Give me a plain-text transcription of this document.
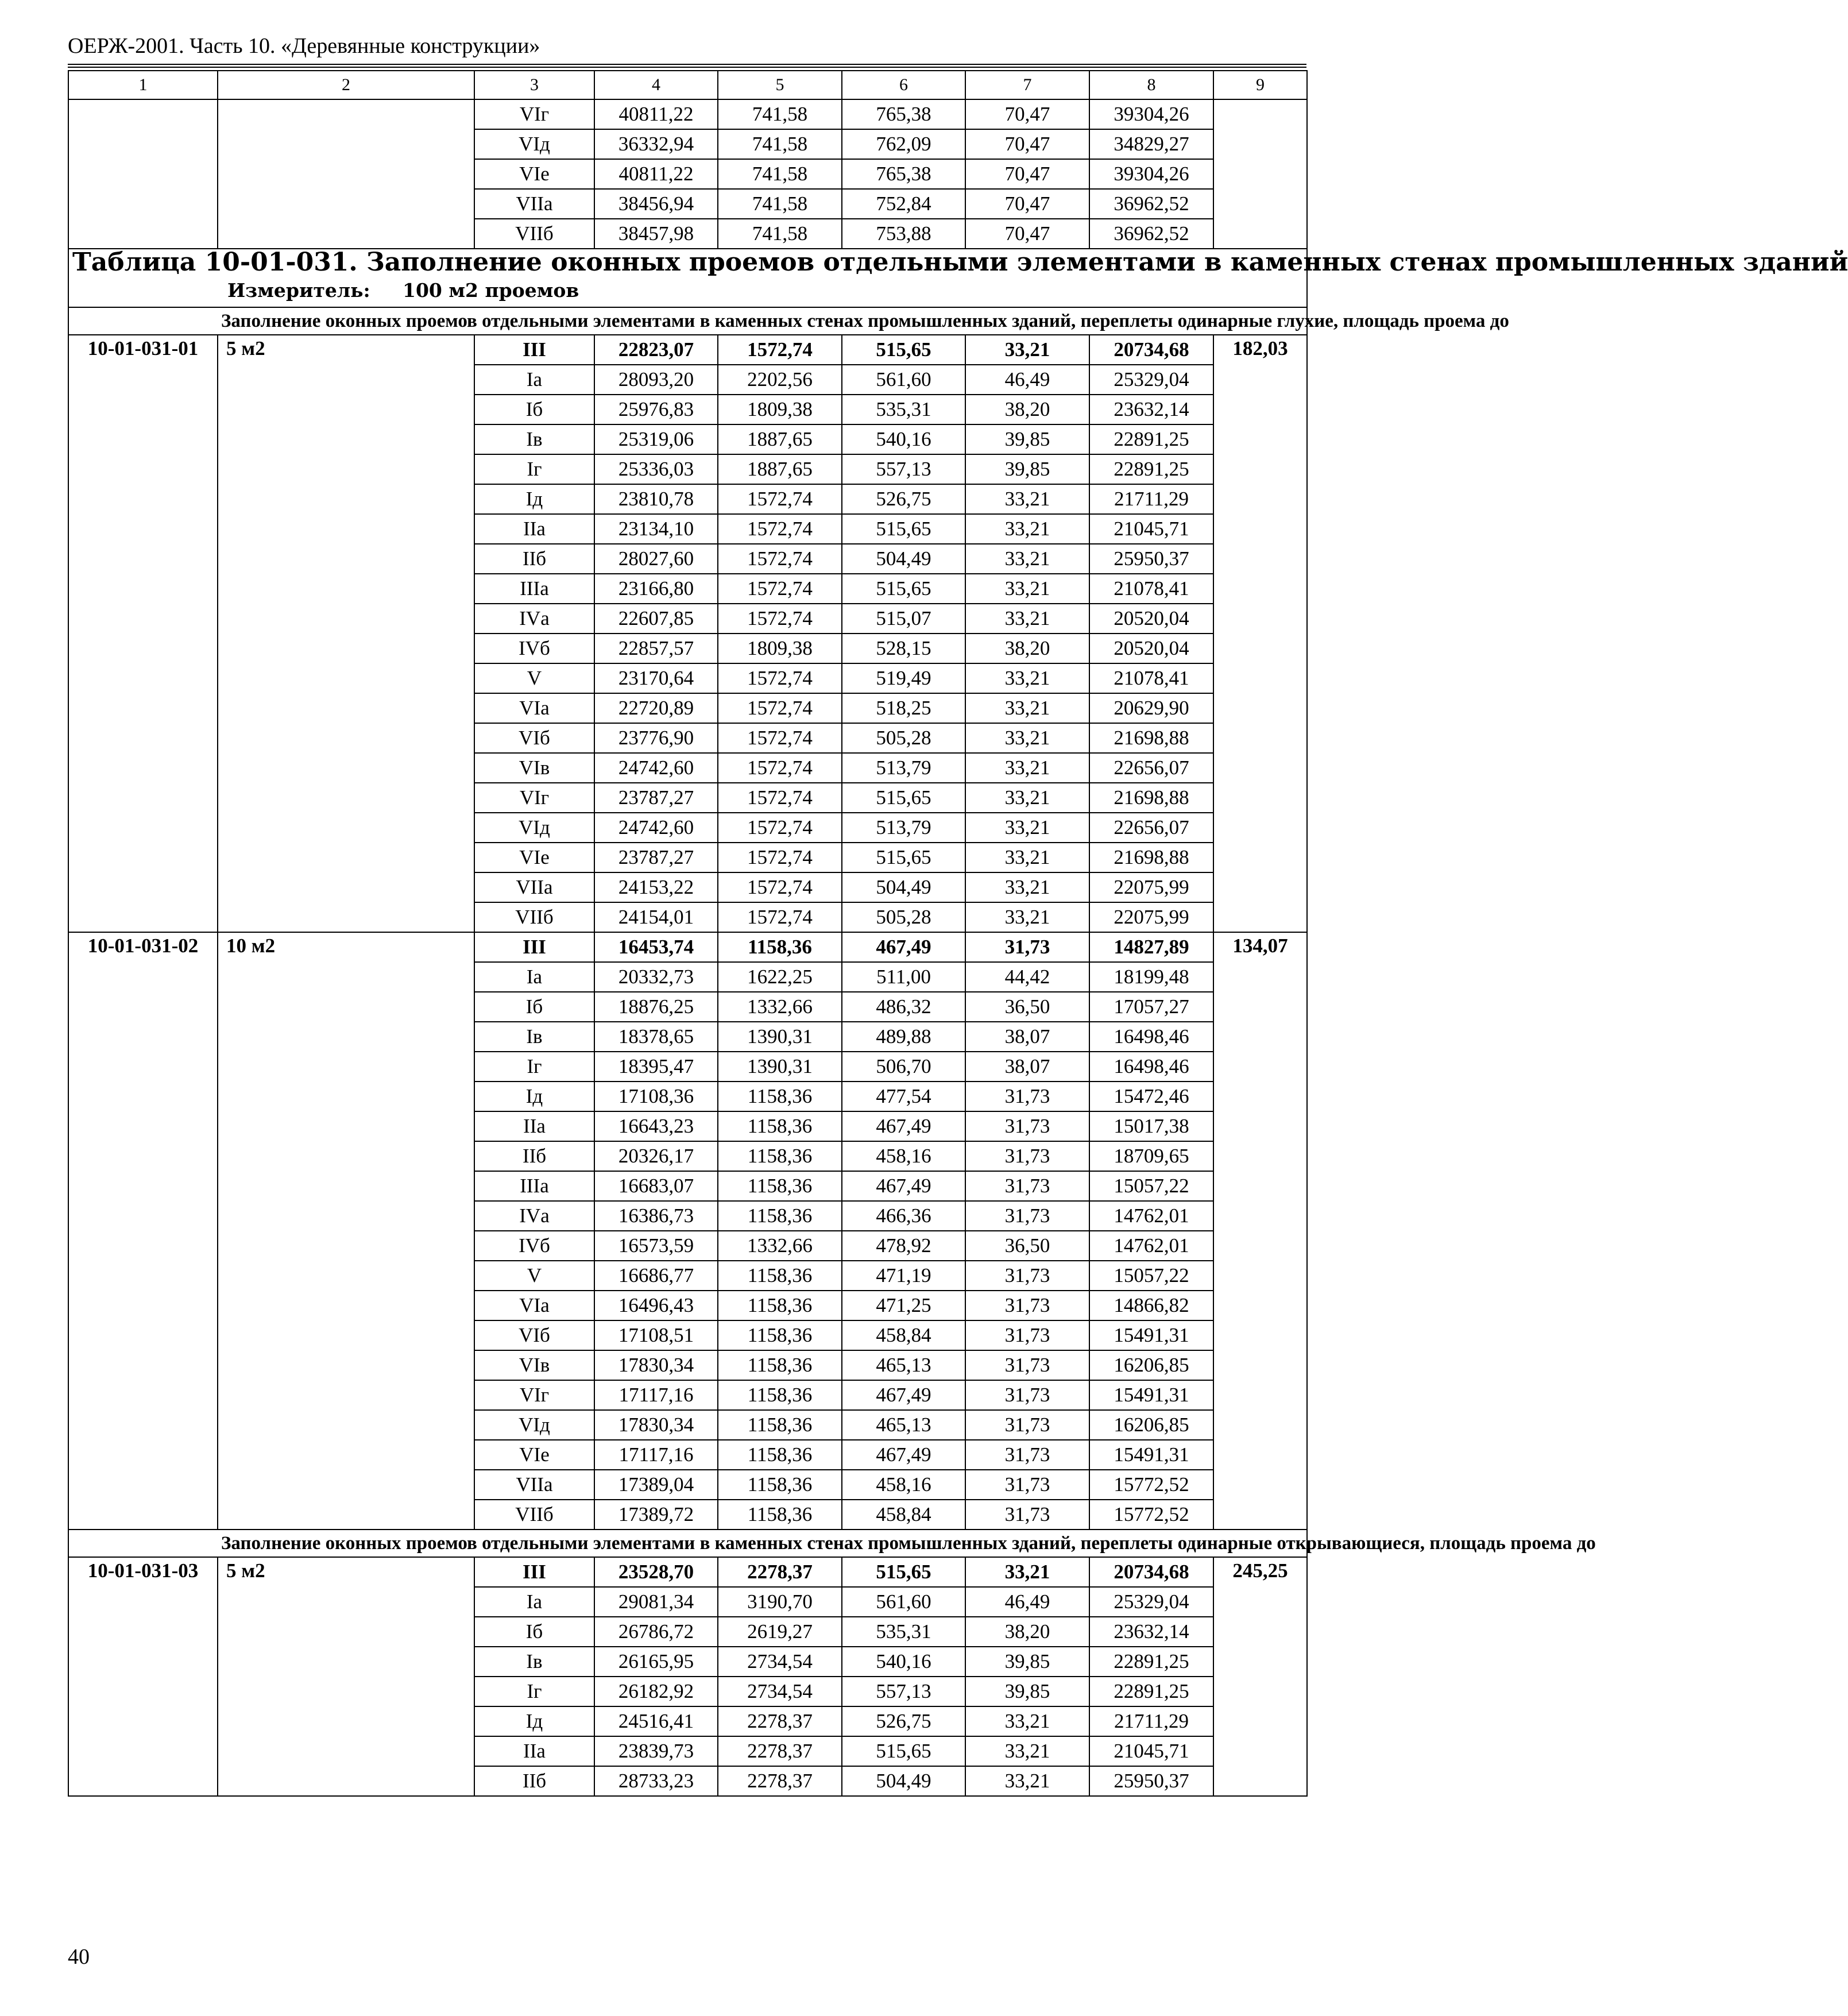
ОЕРЖ-2001. Часть 10. «Деревянные конструкции»
1	2	3	4	5	6	7	8	9
		VIг	40811,22	741,58	765,38	70,47	39304,26	
		VIд	36332,94	741,58	762,09	70,47	34829,27	
		VIе	40811,22	741,58	765,38	70,47	39304,26	
		VIIа	38456,94	741,58	752,84	70,47	36962,52	
		VIIб	38457,98	741,58	753,88	70,47	36962,52	

Таблица 10-01-031. Заполнение оконных проемов отдельными элементами в каменных стенах промышленных зданий
Измеритель: 100 м2 проемов								

	Заполнение оконных проемов отдельными элементами в каменных стенах промышленных зданий, переплеты одинарные глухие, площадь проема до							
10-01-031-01	5 м2	III	22823,07	1572,74	515,65	33,21	20734,68	182,03
		Iа	28093,20	2202,56	561,60	46,49	25329,04	
		Iб	25976,83	1809,38	535,31	38,20	23632,14	
		Iв	25319,06	1887,65	540,16	39,85	22891,25	
		Iг	25336,03	1887,65	557,13	39,85	22891,25	
		Iд	23810,78	1572,74	526,75	33,21	21711,29	
		IIа	23134,10	1572,74	515,65	33,21	21045,71	
		IIб	28027,60	1572,74	504,49	33,21	25950,37	
		IIIа	23166,80	1572,74	515,65	33,21	21078,41	
		IVа	22607,85	1572,74	515,07	33,21	20520,04	
		IVб	22857,57	1809,38	528,15	38,20	20520,04	
		V	23170,64	1572,74	519,49	33,21	21078,41	
		VIа	22720,89	1572,74	518,25	33,21	20629,90	
		VIб	23776,90	1572,74	505,28	33,21	21698,88	
		VIв	24742,60	1572,74	513,79	33,21	22656,07	
		VIг	23787,27	1572,74	515,65	33,21	21698,88	
		VIд	24742,60	1572,74	513,79	33,21	22656,07	
		VIе	23787,27	1572,74	515,65	33,21	21698,88	
		VIIа	24153,22	1572,74	504,49	33,21	22075,99	
		VIIб	24154,01	1572,74	505,28	33,21	22075,99	
10-01-031-02	10 м2	III	16453,74	1158,36	467,49	31,73	14827,89	134,07
		Iа	20332,73	1622,25	511,00	44,42	18199,48	
		Iб	18876,25	1332,66	486,32	36,50	17057,27	
		Iв	18378,65	1390,31	489,88	38,07	16498,46	
		Iг	18395,47	1390,31	506,70	38,07	16498,46	
		Iд	17108,36	1158,36	477,54	31,73	15472,46	
		IIа	16643,23	1158,36	467,49	31,73	15017,38	
		IIб	20326,17	1158,36	458,16	31,73	18709,65	
		IIIа	16683,07	1158,36	467,49	31,73	15057,22	
		IVа	16386,73	1158,36	466,36	31,73	14762,01	
		IVб	16573,59	1332,66	478,92	36,50	14762,01	
		V	16686,77	1158,36	471,19	31,73	15057,22	
		VIа	16496,43	1158,36	471,25	31,73	14866,82	
		VIб	17108,51	1158,36	458,84	31,73	15491,31	
		VIв	17830,34	1158,36	465,13	31,73	16206,85	
		VIг	17117,16	1158,36	467,49	31,73	15491,31	
		VIд	17830,34	1158,36	465,13	31,73	16206,85	
		VIе	17117,16	1158,36	467,49	31,73	15491,31	
		VIIа	17389,04	1158,36	458,16	31,73	15772,52	
		VIIб	17389,72	1158,36	458,84	31,73	15772,52	
	Заполнение оконных проемов отдельными элементами в каменных стенах промышленных зданий, переплеты одинарные открывающиеся, площадь проема до							
10-01-031-03	5 м2	III	23528,70	2278,37	515,65	33,21	20734,68	245,25
		Iа	29081,34	3190,70	561,60	46,49	25329,04	
		Iб	26786,72	2619,27	535,31	38,20	23632,14	
		Iв	26165,95	2734,54	540,16	39,85	22891,25	
		Iг	26182,92	2734,54	557,13	39,85	22891,25	
		Iд	24516,41	2278,37	526,75	33,21	21711,29	
		IIа	23839,73	2278,37	515,65	33,21	21045,71	
		IIб	28733,23	2278,37	504,49	33,21	25950,37	
40
